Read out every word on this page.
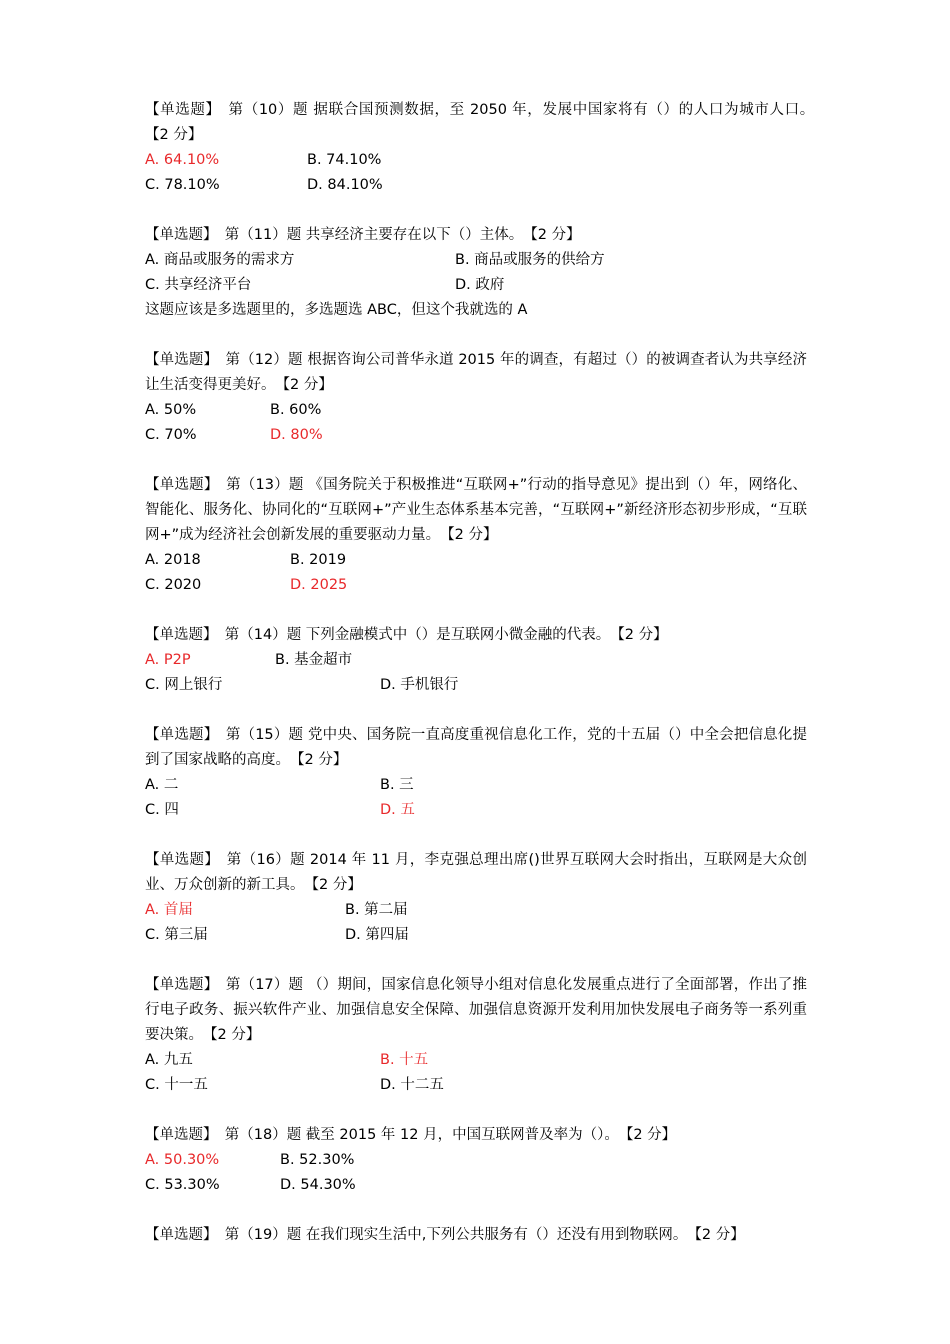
【单选题】　第（10）题 据联合国预测数据，至 2050 年，发展中国家将有（）的人口为城市人口。　【2 分】
A. 64.10%	B. 74.10%
C. 78.10%	D. 84.10%
【单选题】　第（11）题 共享经济主要存在以下（）主体。　【2 分】
A. 商品或服务的需求方	B. 商品或服务的供给方
C. 共享经济平台	D. 政府
这题应该是多选题里的，多选题选 ABC，但这个我就选的 A
【单选题】　第（12）题 根据咨询公司普华永道 2015 年的调查，有超过（）的被调查者认为共享经济让生活变得更美好。　【2 分】
A. 50%	B. 60%
C. 70%	D. 80%
【单选题】　第（13）题 《国务院关于积极推进“互联网+”行动的指导意见》提出到（）年，网络化、智能化、服务化、协同化的“互联网+”产业生态体系基本完善，“互联网+”新经济形态初步形成，“互联网+”成为经济社会创新发展的重要驱动力量。　【2 分】
A. 2018	B. 2019
C. 2020	D. 2025
【单选题】　第（14）题 下列金融模式中（）是互联网小微金融的代表。　【2 分】
A. P2P	B. 基金超市
C. 网上银行	D. 手机银行
【单选题】　第（15）题 党中央、国务院一直高度重视信息化工作，党的十五届（）中全会把信息化提到了国家战略的高度。　【2 分】
A. 二	B. 三
C. 四	D. 五
【单选题】　第（16）题 2014 年 11 月，李克强总理出席()世界互联网大会时指出，互联网是大众创业、万众创新的新工具。　【2 分】
A. 首届	B. 第二届
C. 第三届	D. 第四届
【单选题】　第（17）题 （）期间，国家信息化领导小组对信息化发展重点进行了全面部署，作出了推行电子政务、振兴软件产业、加强信息安全保障、加强信息资源开发利用加快发展电子商务等一系列重要决策。　【2 分】
A. 九五	B. 十五
C. 十一五	D. 十二五
【单选题】　第（18）题 截至 2015 年 12 月，中国互联网普及率为（）。　【2 分】
A. 50.30%	B. 52.30%
C. 53.30%	D. 54.30%
【单选题】　第（19）题 在我们现实生活中,下列公共服务有（）还没有用到物联网。　【2 分】
